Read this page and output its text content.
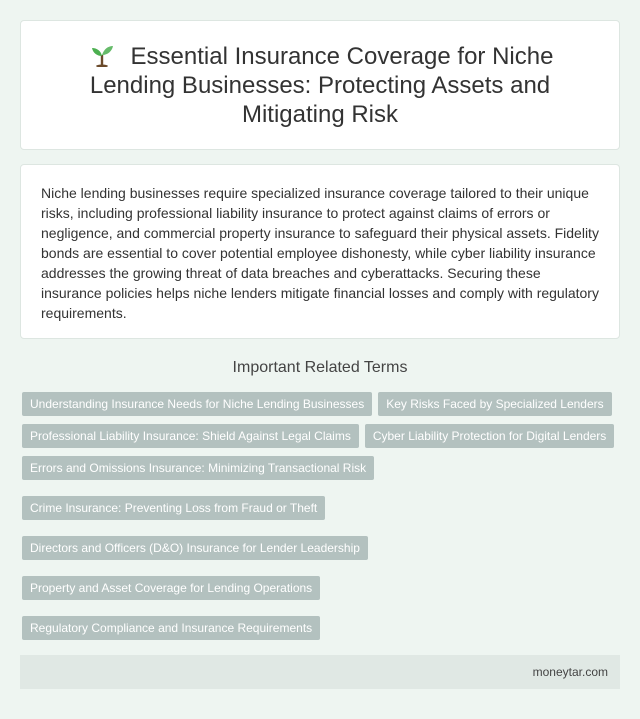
Essential Insurance Coverage for Niche Lending Businesses: Protecting Assets and Mitigating Risk

Niche lending businesses require specialized insurance coverage tailored to their unique risks, including professional liability insurance to protect against claims of errors or negligence, and commercial property insurance to safeguard their physical assets. Fidelity bonds are essential to cover potential employee dishonesty, while cyber liability insurance addresses the growing threat of data breaches and cyberattacks. Securing these insurance policies helps niche lenders mitigate financial losses and comply with regulatory requirements.

Important Related Terms
Understanding Insurance Needs for Niche Lending Businesses	Key Risks Faced by Specialized Lenders
Professional Liability Insurance: Shield Against Legal Claims	Cyber Liability Protection for Digital Lenders
Errors and Omissions Insurance: Minimizing Transactional Risk
Crime Insurance: Preventing Loss from Fraud or Theft
Directors and Officers (D&O) Insurance for Lender Leadership
Property and Asset Coverage for Lending Operations
Regulatory Compliance and Insurance Requirements
moneytar.com
